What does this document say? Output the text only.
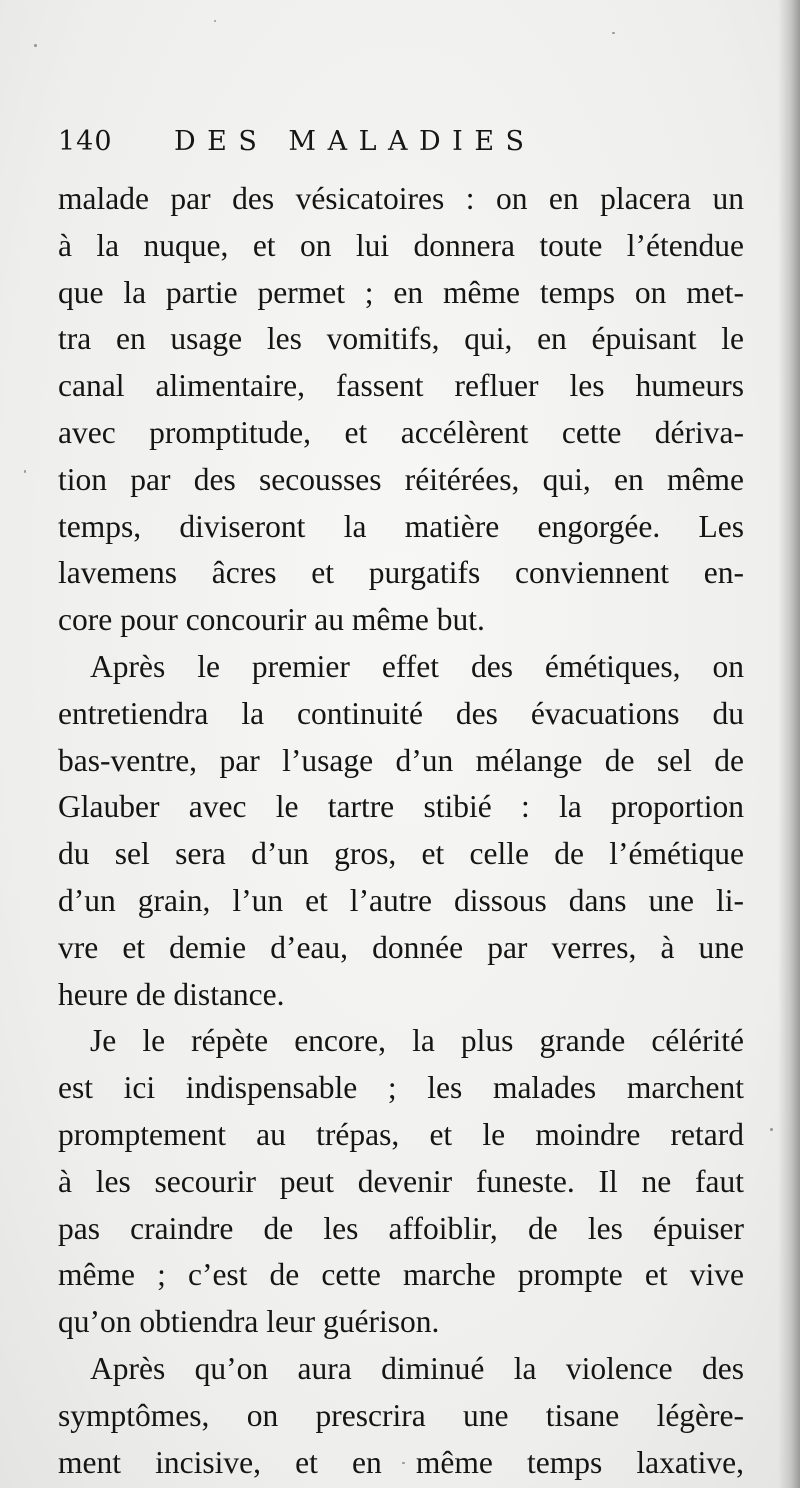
140 DES MALADIES
malade par des vésicatoires : on en placera un
à la nuque, et on lui donnera toute l’étendue
que la partie permet ; en même temps on met-
tra en usage les vomitifs, qui, en épuisant le
canal alimentaire, fassent refluer les humeurs
avec promptitude, et accélèrent cette dériva-
tion par des secousses réitérées, qui, en même
temps, diviseront la matière engorgée. Les
lavemens âcres et purgatifs conviennent en-
core pour concourir au même but.
Après le premier effet des émétiques, on
entretiendra la continuité des évacuations du
bas-ventre, par l’usage d’un mélange de sel de
Glauber avec le tartre stibié : la proportion
du sel sera d’un gros, et celle de l’émétique
d’un grain, l’un et l’autre dissous dans une li-
vre et demie d’eau, donnée par verres, à une
heure de distance.
Je le répète encore, la plus grande célérité
est ici indispensable ; les malades marchent
promptement au trépas, et le moindre retard
à les secourir peut devenir funeste. Il ne faut
pas craindre de les affoiblir, de les épuiser
même ; c’est de cette marche prompte et vive
qu’on obtiendra leur guérison.
Après qu’on aura diminué la violence des
symptômes, on prescrira une tisane légère-
ment incisive, et en même temps laxative,
